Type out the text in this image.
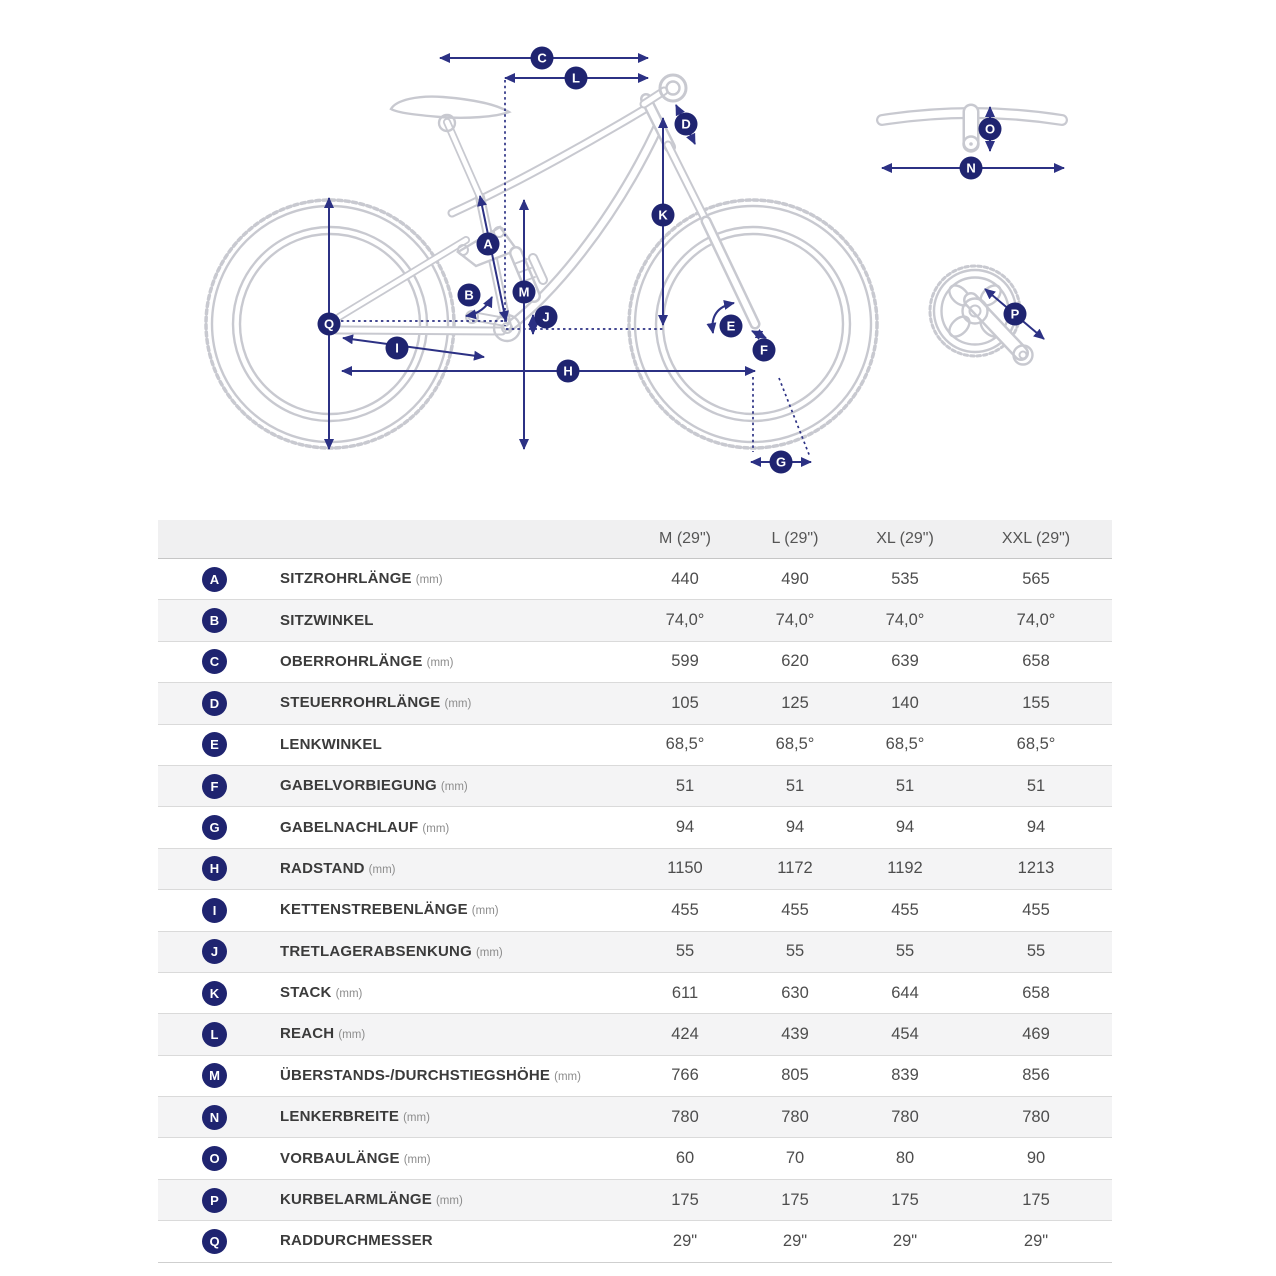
A
B
C
D
E
F
G
H
I
J
K
L
M
N
O
P
Q
		M (29")	L (29")	XL (29")	XXL (29")
A	SITZROHRLÄNGE (mm)	440	490	535	565
B	SITZWINKEL	74,0°	74,0°	74,0°	74,0°
C	OBERROHRLÄNGE (mm)	599	620	639	658
D	STEUERROHRLÄNGE (mm)	105	125	140	155
E	LENKWINKEL	68,5°	68,5°	68,5°	68,5°
F	GABELVORBIEGUNG (mm)	51	51	51	51
G	GABELNACHLAUF (mm)	94	94	94	94
H	RADSTAND (mm)	1150	1172	1192	1213
I	KETTENSTREBENLÄNGE (mm)	455	455	455	455
J	TRETLAGERABSENKUNG (mm)	55	55	55	55
K	STACK (mm)	611	630	644	658
L	REACH (mm)	424	439	454	469
M	ÜBERSTANDS-/DURCHSTIEGSHÖHE (mm)	766	805	839	856
N	LENKERBREITE (mm)	780	780	780	780
O	VORBAULÄNGE (mm)	60	70	80	90
P	KURBELARMLÄNGE (mm)	175	175	175	175
Q	RADDURCHMESSER	29"	29"	29"	29"
